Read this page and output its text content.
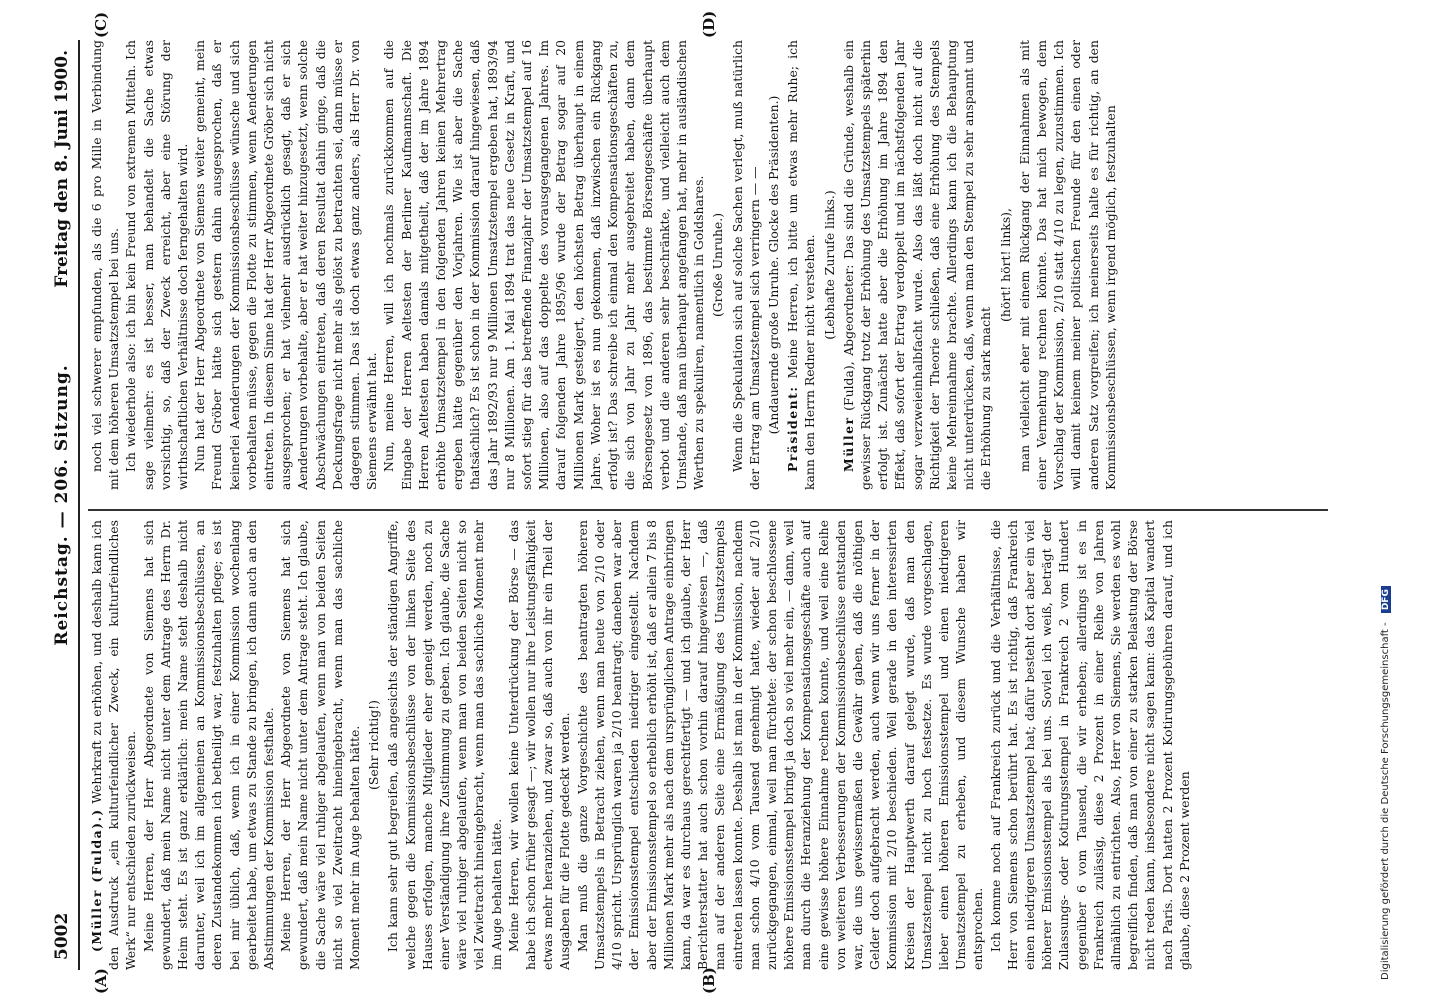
5002
Reichstag. — 206. Sitzung.
Freitag den 8. Juni 1900.
(A)	(B)
(C)	(D)

(Müller (Fulda).) Wehrkraft zu erhöhen, und deshalb kann ich den Ausdruck „ein kulturfeindlicher Zweck, ein kulturfeindliches Werk“ nur entschieden zurückweisen. Meine Herren, der Herr Abgeordnete von Siemens hat sich gewundert, daß mein Name nicht unter dem Antrage des Herrn Dr. Heim steht. Es ist ganz erklärlich: mein Name steht deshalb nicht darunter, weil ich im allgemeinen an Kommissionsbeschlüssen, an deren Zustandekommen ich betheiligt war, festzuhalten pflege; es ist bei mir üblich, daß, wenn ich in einer Kommission wochenlang gearbeitet habe, um etwas zu Stande zu bringen, ich dann auch an den Abstimmungen der Kommission festhalte. Meine Herren, der Herr Abgeordnete von Siemens hat sich gewundert, daß mein Name nicht unter dem Antrage steht. Ich glaube, die Sache wäre viel ruhiger abgelaufen, wenn man von beiden Seiten nicht so viel Zweitracht hineingebracht, wenn man das sachliche Moment mehr im Auge behalten hätte. (Sehr richtig!) Ich kann sehr gut begreifen, daß angesichts der ständigen Angriffe, welche gegen die Kommissionsbeschlüsse von der linken Seite des Hauses erfolgen, manche Mitglieder eher geneigt werden, noch zu einer Verständigung ihre Zustimmung zu geben. Ich glaube, die Sache wäre viel ruhiger abgelaufen, wenn man von beiden Seiten nicht so viel Zwietracht hineingebracht, wenn man das sachliche Moment mehr im Auge behalten hätte. Meine Herren, wir wollen keine Unterdrückung der Börse — das habe ich schon früher gesagt —; wir wollen nur ihre Leistungsfähigkeit etwas mehr heranziehen, und zwar so, daß auch von ihr ein Theil der Ausgaben für die Flotte gedeckt werden. Man muß die ganze Vorgeschichte des beantragten höheren Umsatzstempels in Betracht ziehen, wenn man heute von 2/10 oder 4/10 spricht. Ursprünglich waren ja 2/10 beantragt; daneben war aber der Emissionsstempel entschieden niedriger eingestellt. Nachdem aber der Emissionsstempel so erheblich erhöht ist, daß er allein 7 bis 8 Millionen Mark mehr als nach dem ursprünglichen Antrage einbringen kann, da war es durchaus gerechtfertigt — und ich glaube, der Herr Berichterstatter hat auch schon vorhin darauf hingewiesen —, daß man auf der anderen Seite eine Ermäßigung des Umsatzstempels eintreten lassen konnte. Deshalb ist man in der Kommission, nachdem man schon 4/10 vom Tausend genehmigt hatte, wieder auf 2/10 zurückgegangen, einmal, weil man fürchtete: der schon beschlossene höhere Emissionsstempel bringt ja doch so viel mehr ein, — dann, weil man durch die Heranziehung der Kompensationsgeschäfte auch auf eine gewisse höhere Einnahme rechnen konnte, und weil eine Reihe von weiteren Verbesserungen der Kommissionsbeschlüsse entstanden war, die uns gewissermaßen die Gewähr gaben, daß die nöthigen Gelder doch aufgebracht werden, auch wenn wir uns ferner in der Kommission mit 2/10 beschieden. Weil gerade in den interessirten Kreisen der Hauptwerth darauf gelegt wurde, daß man den Umsatzstempel nicht zu hoch festsetze. Es wurde vorgeschlagen, lieber einen höheren Emissionsstempel und einen niedrigeren Umsatzstempel zu erheben, und diesem Wunsche haben wir entsprochen. Ich komme noch auf Frankreich zurück und die Verhältnisse, die Herr von Siemens schon berührt hat. Es ist richtig, daß Frankreich einen niedrigeren Umsatzstempel hat; dafür besteht dort aber ein viel höherer Emissionsstempel als bei uns. Soviel ich weiß, beträgt der Zulassungs- oder Kotirungsstempel in Frankreich 2 vom Hundert gegenüber 6 vom Tausend, die wir erheben; allerdings ist es in Frankreich zulässig, diese 2 Prozent in einer Reihe von Jahren allmählich zu entrichten. Also, Herr von Siemens, Sie werden es wohl begreiflich finden, daß man von einer zu starken Belastung der Börse nicht reden kann, insbesondere nicht sagen kann: das Kapital wandert nach Paris. Dort hatten 2 Prozent Kotirungsgebühren darauf, und ich glaube, diese 2 Prozent werden

noch viel schwerer empfunden, als die 6 pro Mille in Verbindung mit dem höheren Umsatzstempel bei uns. Ich wiederhole also: ich bin kein Freund von extremen Mitteln. Ich sage vielmehr: es ist besser, man behandelt die Sache etwas vorsichtig, so, daß der Zweck erreicht, aber eine Störung der wirthschaftlichen Verhältnisse doch ferngehalten wird. Nun hat der Herr Abgeordnete von Siemens weiter gemeint, mein Freund Gröber hätte sich gestern dahin ausgesprochen, daß er keinerlei Aenderungen der Kommissionsbeschlüsse wünsche und sich vorbehalten müsse, gegen die Flotte zu stimmen, wenn Aenderungen eintreten. In diesem Sinne hat der Herr Abgeordnete Gröber sich nicht ausgesprochen; er hat vielmehr ausdrücklich gesagt, daß er sich Aenderungen vorbehalte, aber er hat weiter hinzugesetzt, wenn solche Abschwächungen eintreten, daß deren Resultat dahin ginge, daß die Deckungsfrage nicht mehr als gelöst zu betrachten sei, dann müsse er dagegen stimmen. Das ist doch etwas ganz anders, als Herr Dr. von Siemens erwähnt hat. Nun, meine Herren, will ich nochmals zurückkommen auf die Eingabe der Herren Aeltesten der Berliner Kaufmannschaft. Die Herren Aeltesten haben damals mitgetheilt, daß der im Jahre 1894 erhöhte Umsatzstempel in den folgenden Jahren keinen Mehrertrag ergeben hätte gegenüber den Vorjahren. Wie ist aber die Sache thatsächlich? Es ist schon in der Kommission darauf hingewiesen, daß das Jahr 1892/93 nur 9 Millionen Umsatzstempel ergeben hat, 1893/94 nur 8 Millionen. Am 1. Mai 1894 trat das neue Gesetz in Kraft, und sofort stieg für das betreffende Finanzjahr der Umsatzstempel auf 16 Millionen, also auf das doppelte des vorausgegangenen Jahres. Im darauf folgenden Jahre 1895/96 wurde der Betrag sogar auf 20 Millionen Mark gesteigert, den höchsten Betrag überhaupt in einem Jahre. Woher ist es nun gekommen, daß inzwischen ein Rückgang erfolgt ist? Das schreibe ich einmal den Kompensationsgeschäften zu, die sich von Jahr zu Jahr mehr ausgebreitet haben, dann dem Börsengesetz von 1896, das bestimmte Börsengeschäfte überhaupt verbot und die anderen sehr beschränkte, und vielleicht auch dem Umstande, daß man überhaupt angefangen hat, mehr in ausländischen Werthen zu spekuliren, namentlich in Goldshares. (Große Unruhe.) Wenn die Spekulation sich auf solche Sachen verlegt, muß natürlich der Ertrag am Umsatzstempel sich verringern — — (Andauernde große Unruhe. Glocke des Präsidenten.) Präsident: Meine Herren, ich bitte um etwas mehr Ruhe; ich kann den Herrn Redner nicht verstehen. (Lebhafte Zurufe links.)

Müller (Fulda), Abgeordneter: Das sind die Gründe, weshalb ein gewisser Rückgang trotz der Erhöhung des Umsatzstempels späterhin erfolgt ist. Zunächst hatte aber die Erhöhung im Jahre 1894 den Effekt, daß sofort der Ertrag verdoppelt und im nächstfolgenden Jahr sogar verzweieinhalbfacht wurde. Also das läßt doch nicht auf die Richtigkeit der Theorie schließen, daß eine Erhöhung des Stempels keine Mehreinnahme brachte. Allerdings kann ich die Behauptung nicht unterdrücken, daß, wenn man den Stempel zu sehr anspannt und die Erhöhung zu stark macht

(hört! hört! links), man vielleicht eher mit einem Rückgang der Einnahmen als mit einer Vermehrung rechnen könnte. Das hat mich bewogen, dem Vorschlag der Kommission, 2/10 statt 4/10 zu legen, zuzustimmen. Ich will damit keinem meiner politischen Freunde für den einen oder anderen Satz vorgreifen; ich meinerseits halte es für richtig, an den Kommissionsbeschlüssen, wenn irgend möglich, festzuhalten

Digitalisierung gefördert durch die Deutsche Forschungsgemeinschaft - DFG
